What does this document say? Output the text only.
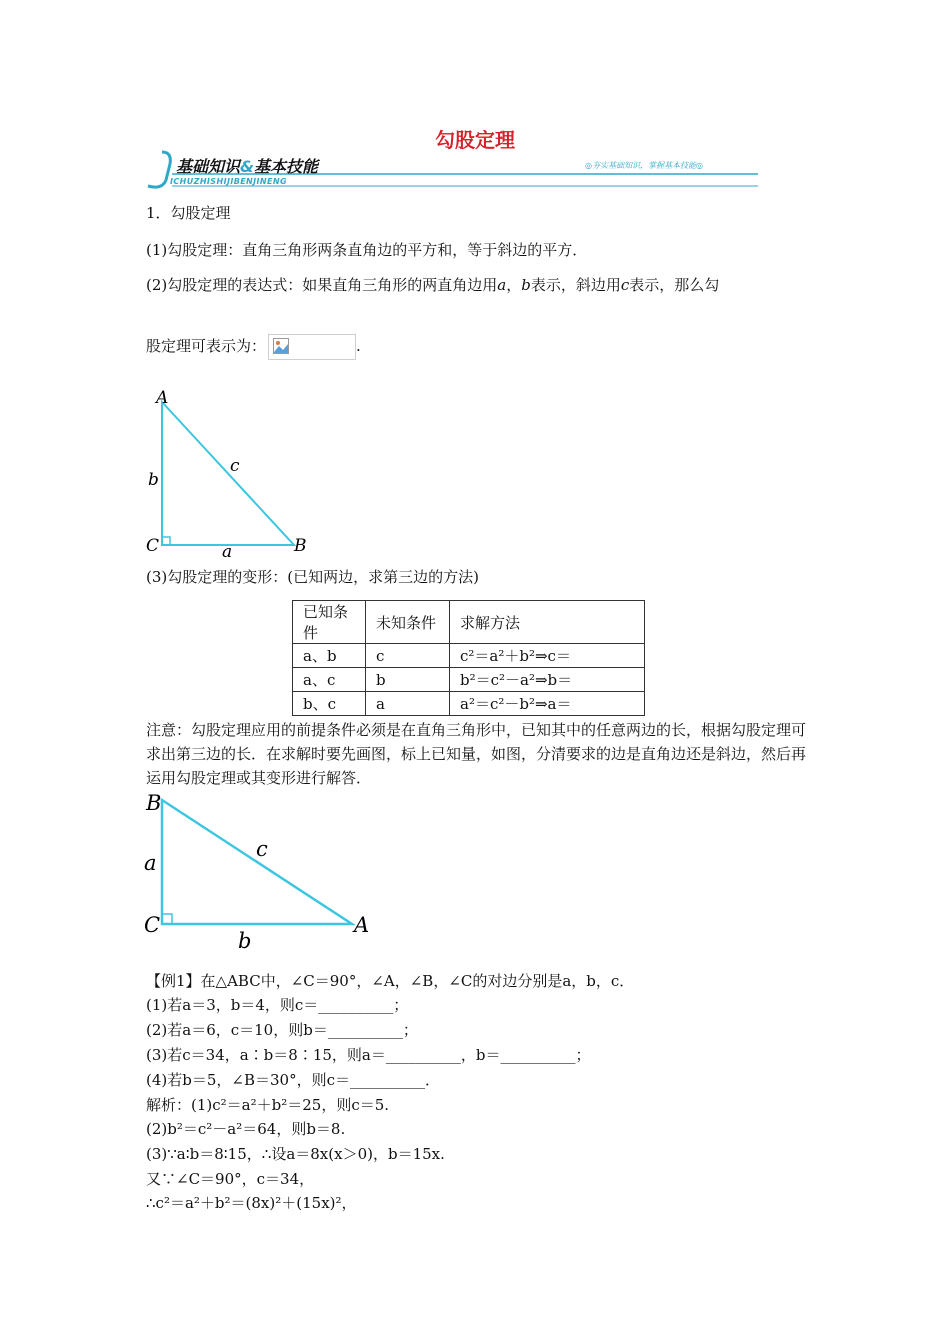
勾股定理
基础知识&基本技能
ICHUZHISHIJIBENJINENG
◎夯实基础知识，掌握基本技能◎
1．勾股定理
(1)勾股定理：直角三角形两条直角边的平方和，等于斜边的平方．
(2)勾股定理的表达式：如果直角三角形的两直角边用a，b表示，斜边用c表示，那么勾
股定理可表示为：	.
A
C	B
b
a
c
(3)勾股定理的变形：(已知两边，求第三边的方法)
已知条件	未知条件	求解方法
a、b	c	c²＝a²＋b²⇒c＝
a、c	b	b²＝c²－a²⇒b＝
b、c	a	a²＝c²－b²⇒a＝
注意：勾股定理应用的前提条件必须是在直角三角形中，已知其中的任意两边的长，根据勾股定理可求出第三边的长．在求解时要先画图，标上已知量，如图，分清要求的边是直角边还是斜边，然后再运用勾股定理或其变形进行解答．
B
C	A
a
b
c
【例1】在△ABC中，∠C＝90°，∠A，∠B，∠C的对边分别是a，b，c．
(1)若a＝3，b＝4，则c＝__________；
(2)若a＝6，c＝10，则b＝__________；
(3)若c＝34，a∶b＝8∶15，则a＝__________，b＝__________；
(4)若b＝5，∠B＝30°，则c＝__________．
解析：(1)c²＝a²＋b²＝25，则c＝5.
(2)b²＝c²－a²＝64，则b＝8.
(3)∵a∶b＝8∶15，∴设a＝8x(x＞0)，b＝15x.
又∵∠C＝90°，c＝34，
∴c²＝a²＋b²＝(8x)²＋(15x)²，
